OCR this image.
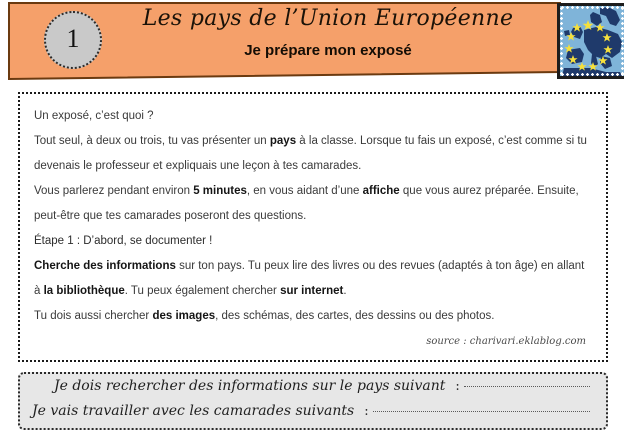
1
Les pays de l’Union Européenne
Je prépare mon exposé

Un exposé, c’est quoi ?

Tout seul, à deux ou trois, tu vas présenter un pays à la classe. Lorsque tu fais un exposé, c’est comme si tu devenais le professeur et expliquais une leçon à tes camarades.

Vous parlerez pendant environ 5 minutes, en vous aidant d’une affiche que vous aurez préparée. Ensuite, peut-être que tes camarades poseront des questions.

Étape 1 : D’abord, se documenter !

Cherche des informations sur ton pays. Tu peux lire des livres ou des revues (adaptés à ton âge) en allant à la bibliothèque. Tu peux également chercher sur internet.

Tu dois aussi chercher des images, des schémas, des cartes, des dessins ou des photos.

source : charivari.eklablog.com
Je dois rechercher des informations sur le pays suivant :
Je vais travailler avec les camarades suivants :
